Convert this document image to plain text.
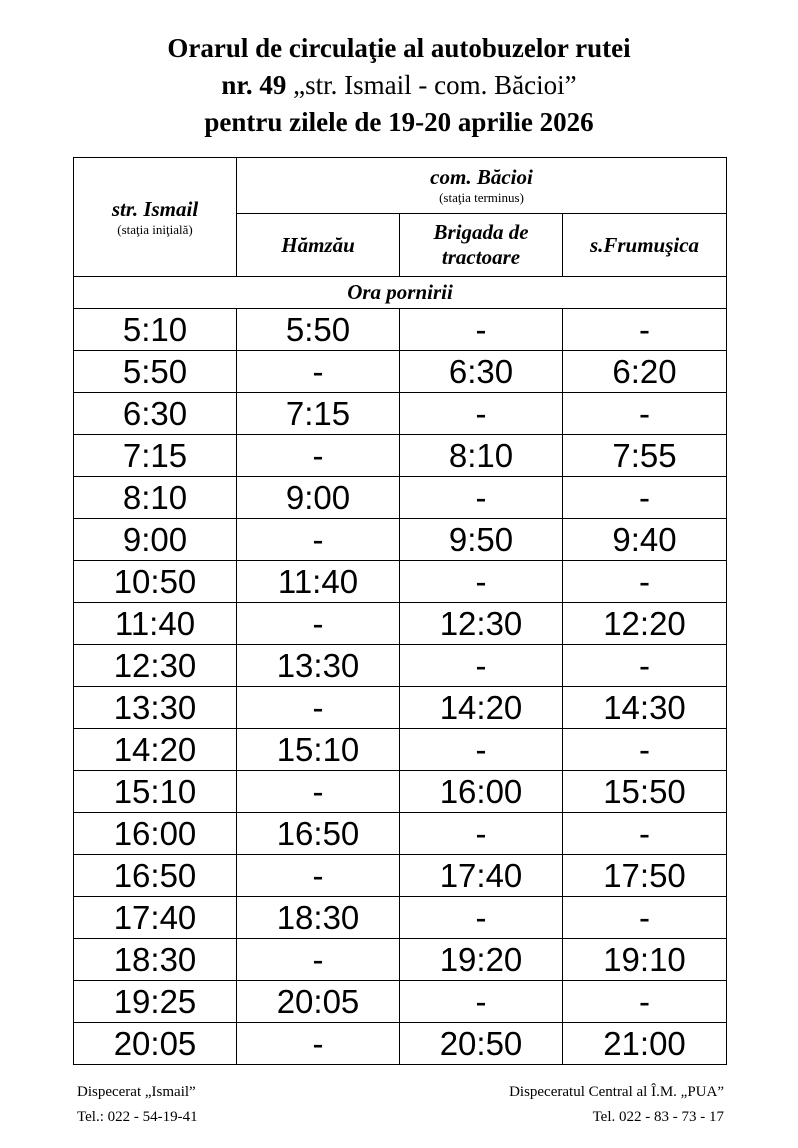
Orarul de circulaţie al autobuzelor rutei
nr. 49 „str. Ismail - com. Băcioi”
pentru zilele de 19-20 aprilie 2026
str. Ismail
(staţia iniţială)	com. Băcioi
(staţia terminus)		

	Hămzău	Brigada de tractoare	s.Frumuşica
Ora pornirii			
5:10	5:50	-	-
5:50	-	6:30	6:20
6:30	7:15	-	-
7:15	-	8:10	7:55
8:10	9:00	-	-
9:00	-	9:50	9:40
10:50	11:40	-	-
11:40	-	12:30	12:20
12:30	13:30	-	-
13:30	-	14:20	14:30
14:20	15:10	-	-
15:10	-	16:00	15:50
16:00	16:50	-	-
16:50	-	17:40	17:50
17:40	18:30	-	-
18:30	-	19:20	19:10
19:25	20:05	-	-
20:05	-	20:50	21:00
Dispecerat „Ismail”
Tel.: 022 - 54-19-41
Dispeceratul Central al Î.M. „PUA”
Tel. 022 - 83 - 73 - 17
